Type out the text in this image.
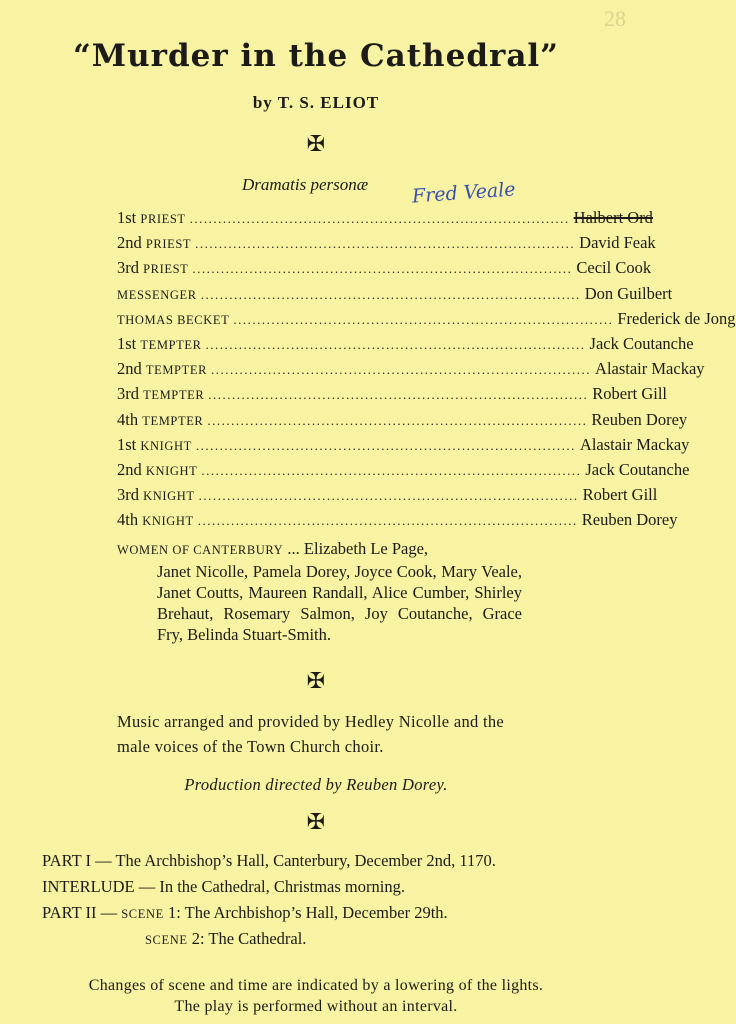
28
“Murder in the Cathedral”
by T. S. ELIOT
✠
Dramatis personæ Fred Veale
1st PRIEST ................................................................................ Halbert Ord
2nd PRIEST ................................................................................ David Feak
3rd PRIEST ................................................................................ Cecil Cook
MESSENGER ................................................................................ Don Guilbert
THOMAS BECKET ................................................................................ Frederick de Jong
1st TEMPTER ................................................................................ Jack Coutanche
2nd TEMPTER ................................................................................ Alastair Mackay
3rd TEMPTER ................................................................................ Robert Gill
4th TEMPTER ................................................................................ Reuben Dorey
1st KNIGHT ................................................................................ Alastair Mackay
2nd KNIGHT ................................................................................ Jack Coutanche
3rd KNIGHT ................................................................................ Robert Gill
4th KNIGHT ................................................................................ Reuben Dorey
WOMEN OF CANTERBURY ... Elizabeth Le Page,
Janet Nicolle, Pamela Dorey, Joyce Cook, Mary Veale, Janet Coutts, Maureen Randall, Alice Cumber, Shirley Brehaut, Rosemary Salmon, Joy Coutanche, Grace Fry, Belinda Stuart-Smith.
✠
Music arranged and provided by Hedley Nicolle and the male voices of the Town Church choir.
Production directed by Reuben Dorey.
✠
PART I — The Archbishop’s Hall, Canterbury, December 2nd, 1170.
INTERLUDE — In the Cathedral, Christmas morning.
PART II — SCENE 1: The Archbishop’s Hall, December 29th.
SCENE 2: The Cathedral.
Changes of scene and time are indicated by a lowering of the lights.
The play is performed without an interval.
